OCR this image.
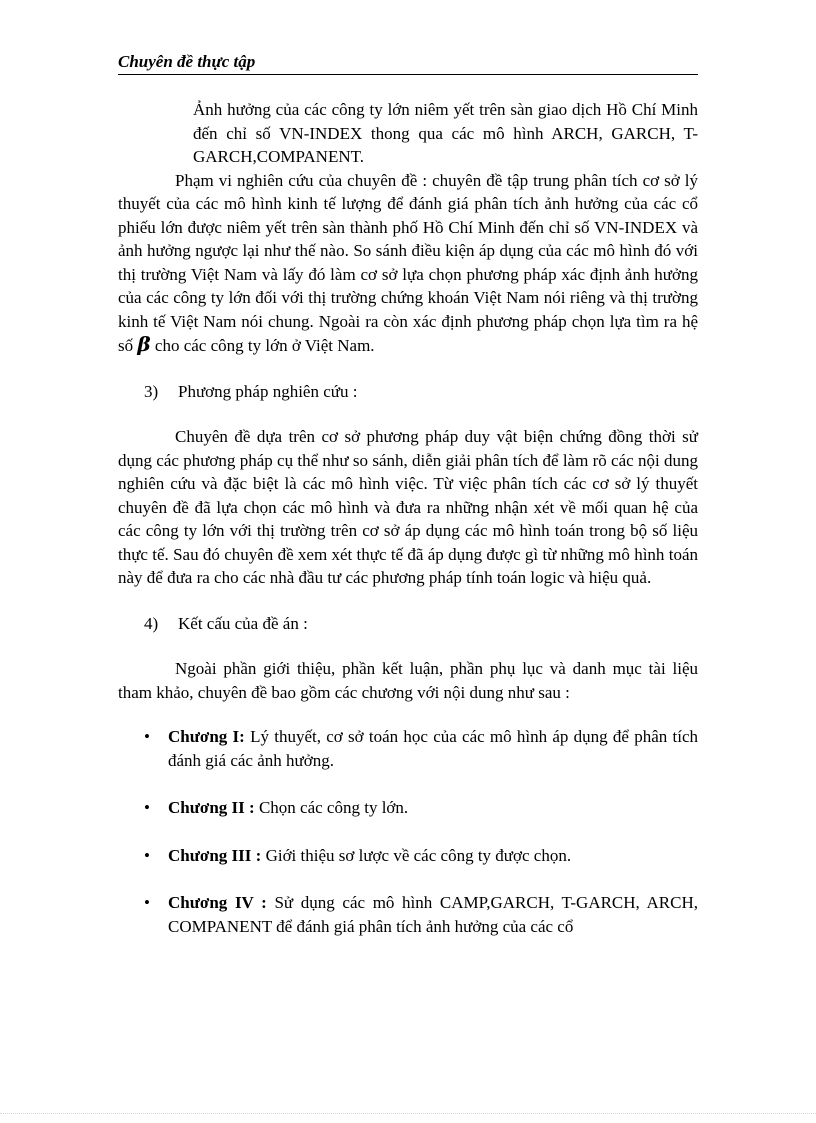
Chuyên đề thực tập
Ảnh hưởng của các công ty lớn niêm yết trên sàn giao dịch Hồ Chí Minh đến chỉ số VN-INDEX thong qua các mô hình ARCH, GARCH, T-GARCH,COMPANENT.

Phạm vi nghiên cứu của chuyên đề : chuyên đề tập trung phân tích cơ sở lý thuyết của các mô hình kinh tế lượng để đánh giá phân tích ảnh hưởng của các cổ phiếu lớn được niêm yết trên sàn thành phố Hồ Chí Minh đến chỉ số VN-INDEX và ảnh hưởng ngược lại như thế nào. So sánh điều kiện áp dụng của các mô hình đó với thị trường Việt Nam và lấy đó làm cơ sở lựa chọn phương pháp xác định ảnh hưởng của các công ty lớn đối với thị trường chứng khoán Việt Nam nói riêng và thị trường kinh tế Việt Nam nói chung. Ngoài ra còn xác định phương pháp chọn lựa tìm ra hệ số β cho các công ty lớn ở Việt Nam.

3)	Phương pháp nghiên cứu :

Chuyên đề dựa trên cơ sở phương pháp duy vật biện chứng đồng thời sử dụng các phương pháp cụ thể như so sánh, diễn giải phân tích để làm rõ các nội dung nghiên cứu và đặc biệt là các mô hình việc. Từ việc phân tích các cơ sở lý thuyết chuyên đề đã lựa chọn các mô hình và đưa ra những nhận xét về mối quan hệ của các công ty lớn với thị trường trên cơ sở áp dụng các mô hình toán trong bộ số liệu thực tế. Sau đó chuyên đề xem xét thực tế đã áp dụng được gì từ những mô hình toán này để đưa ra cho các nhà đầu tư các phương pháp tính toán logic và hiệu quả.

4)	Kết cấu của đề án :

Ngoài phần giới thiệu, phần kết luận, phần phụ lục và danh mục tài liệu tham khảo, chuyên đề bao gồm các chương với nội dung như sau :

• Chương I: Lý thuyết, cơ sở toán học của các mô hình áp dụng để phân tích đánh giá các ảnh hưởng.
• Chương II : Chọn các công ty lớn.
• Chương III : Giới thiệu sơ lược về các công ty được chọn.
• Chương IV : Sử dụng các mô hình CAMP,GARCH, T-GARCH, ARCH, COMPANENT để đánh giá phân tích ảnh hưởng của các cổ
